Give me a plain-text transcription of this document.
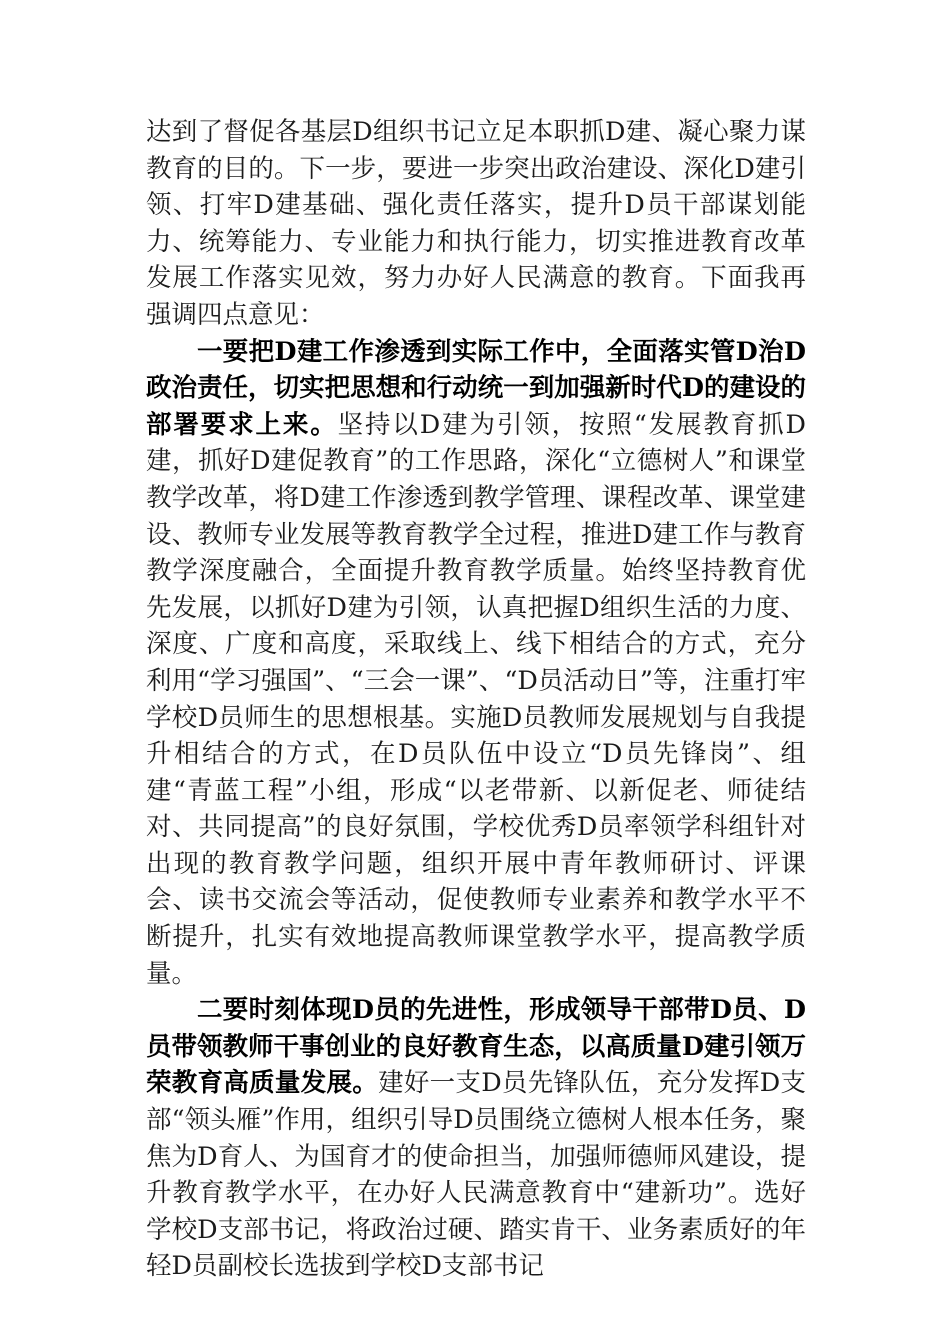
达到了督促各基层D组织书记立足本职抓D建、凝心聚力谋教育的目的。下一步，要进一步突出政治建设、深化D建引领、打牢D建基础、强化责任落实，提升D员干部谋划能力、统筹能力、专业能力和执行能力，切实推进教育改革发展工作落实见效，努力办好人民满意的教育。下面我再强调四点意见：

一要把D建工作渗透到实际工作中，全面落实管D治D政治责任，切实把思想和行动统一到加强新时代D的建设的部署要求上来。坚持以D建为引领，按照“发展教育抓D建，抓好D建促教育”的工作思路，深化“立德树人”和课堂教学改革，将D建工作渗透到教学管理、课程改革、课堂建设、教师专业发展等教育教学全过程，推进D建工作与教育教学深度融合，全面提升教育教学质量。始终坚持教育优先发展，以抓好D建为引领，认真把握D组织生活的力度、深度、广度和高度，采取线上、线下相结合的方式，充分利用“学习强国”、“三会一课”、“D员活动日”等，注重打牢学校D员师生的思想根基。实施D员教师发展规划与自我提升相结合的方式，在D员队伍中设立“D员先锋岗”、组建“青蓝工程”小组，形成“以老带新、以新促老、师徒结对、共同提高”的良好氛围，学校优秀D员率领学科组针对出现的教育教学问题，组织开展中青年教师研讨、评课会、读书交流会等活动，促使教师专业素养和教学水平不断提升，扎实有效地提高教师课堂教学水平，提高教学质量。

二要时刻体现D员的先进性，形成领导干部带D员、D员带领教师干事创业的良好教育生态，以高质量D建引领万荣教育高质量发展。建好一支D员先锋队伍，充分发挥D支部“领头雁”作用，组织引导D员围绕立德树人根本任务，聚焦为D育人、为国育才的使命担当，加强师德师风建设，提升教育教学水平，在办好人民满意教育中“建新功”。选好学校D支部书记，将政治过硬、踏实肯干、业务素质好的年轻D员副校长选拔到学校D支部书记
